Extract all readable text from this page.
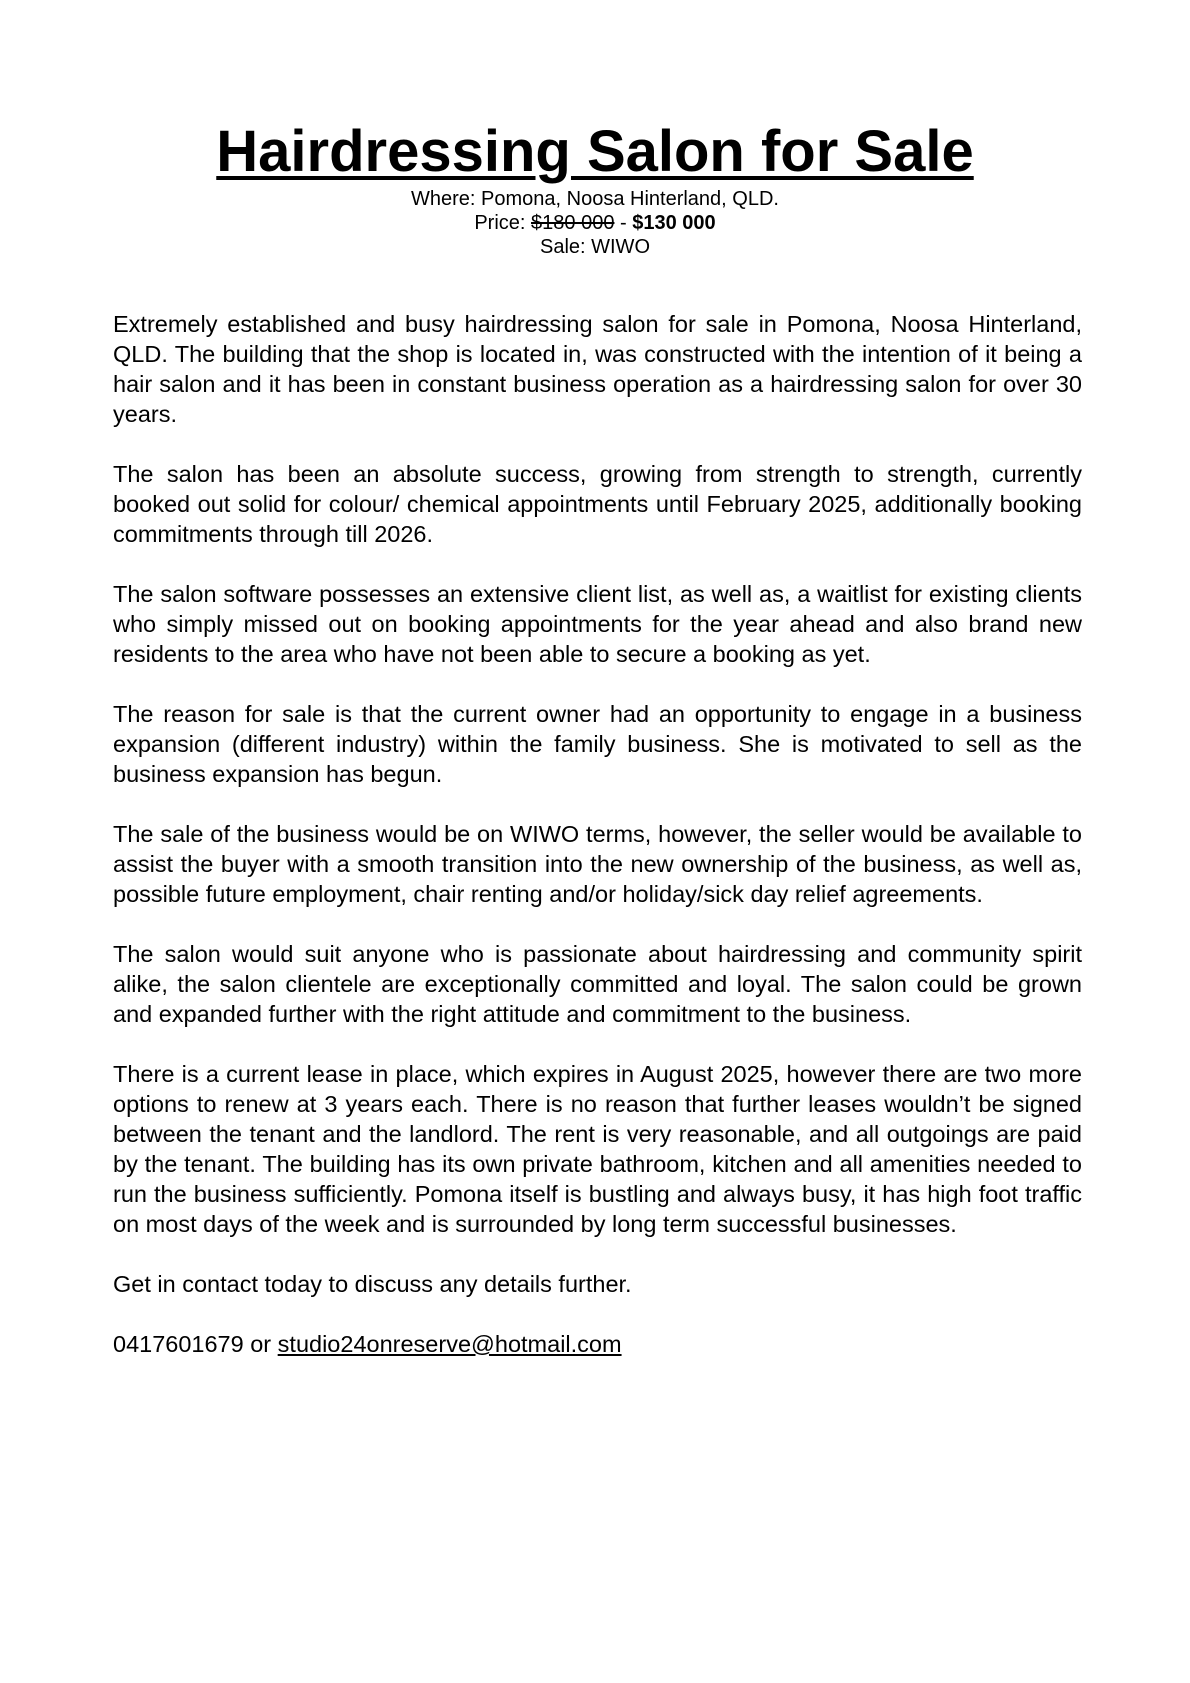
Hairdressing Salon for Sale
Where: Pomona, Noosa Hinterland, QLD.
Price: $180 000 - $130 000
Sale: WIWO

Extremely established and busy hairdressing salon for sale in Pomona, Noosa Hinterland, QLD. The building that the shop is located in, was constructed with the intention of it being a hair salon and it has been in constant business operation as a hairdressing salon for over 30 years.

The salon has been an absolute success, growing from strength to strength, currently booked out solid for colour/ chemical appointments until February 2025, additionally booking commitments through till 2026.

The salon software possesses an extensive client list, as well as, a waitlist for existing clients who simply missed out on booking appointments for the year ahead and also brand new residents to the area who have not been able to secure a booking as yet.

The reason for sale is that the current owner had an opportunity to engage in a business expansion (different industry) within the family business. She is motivated to sell as the business expansion has begun.

The sale of the business would be on WIWO terms, however, the seller would be available to assist the buyer with a smooth transition into the new ownership of the business, as well as, possible future employment, chair renting and/or holiday/sick day relief agreements.

The salon would suit anyone who is passionate about hairdressing and community spirit alike, the salon clientele are exceptionally committed and loyal. The salon could be grown and expanded further with the right attitude and commitment to the business.

There is a current lease in place, which expires in August 2025, however there are two more options to renew at 3 years each. There is no reason that further leases wouldn’t be signed between the tenant and the landlord. The rent is very reasonable, and all outgoings are paid by the tenant. The building has its own private bathroom, kitchen and all amenities needed to run the business sufficiently. Pomona itself is bustling and always busy, it has high foot traffic on most days of the week and is surrounded by long term successful businesses.

Get in contact today to discuss any details further.

0417601679 or studio24onreserve@hotmail.com
